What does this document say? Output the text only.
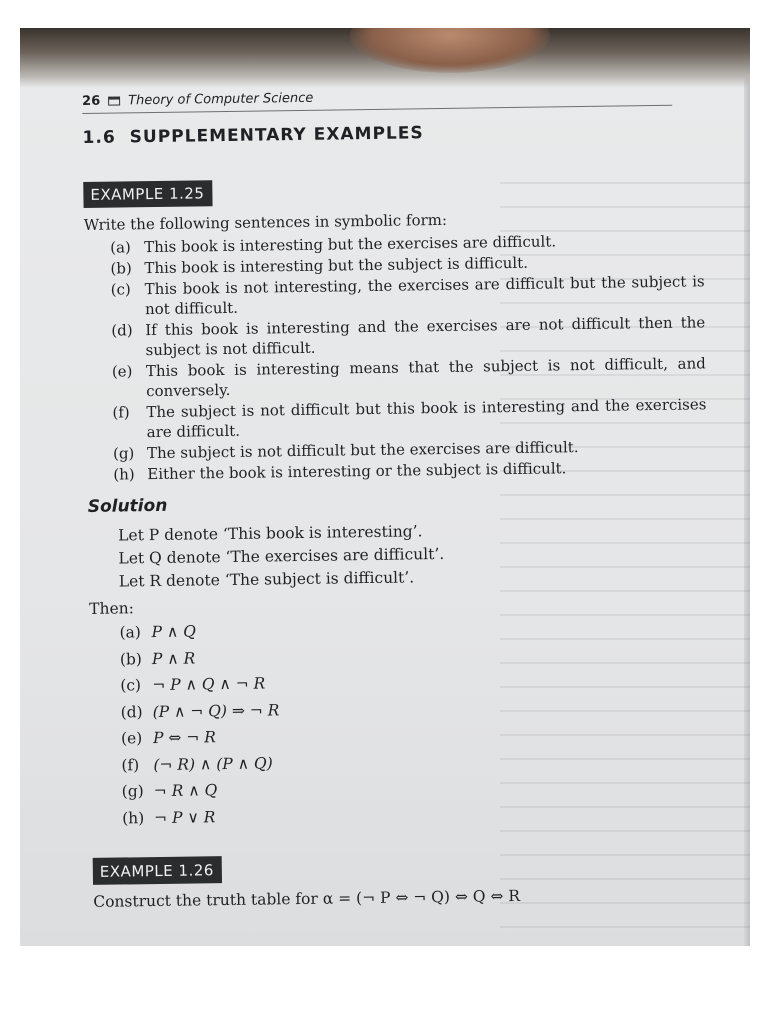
26 Theory of Computer Science
1.6 SUPPLEMENTARY EXAMPLES
EXAMPLE 1.25
Write the following sentences in symbolic form:
(a) This book is interesting but the exercises are difficult.
(b) This book is interesting but the subject is difficult.
(c) This book is not interesting, the exercises are difficult but the subject is not difficult.
(d) If this book is interesting and the exercises are not difficult then the subject is not difficult.
(e) This book is interesting means that the subject is not difficult, and conversely.
(f)	The subject is not difficult but this book is interesting and the exercises are difficult.
(g) The subject is not difficult but the exercises are difficult.
(h) Either the book is interesting or the subject is difficult.
Solution
Let P denote ‘This book is interesting’.
Let Q denote ‘The exercises are difficult’.
Let R denote ‘The subject is difficult’.
Then:
(a) P ∧ Q
(b) P ∧ R
(c) ¬ P ∧ Q ∧ ¬ R
(d) (P ∧ ¬ Q) ⇒ ¬ R
(e) P ⇔ ¬ R
(f) (¬ R) ∧ (P ∧ Q)
(g) ¬ R ∧ Q
(h) ¬ P ∨ R
EXAMPLE 1.26
Construct the truth table for α = (¬ P ⇔ ¬ Q) ⇔ Q ⇔ R
